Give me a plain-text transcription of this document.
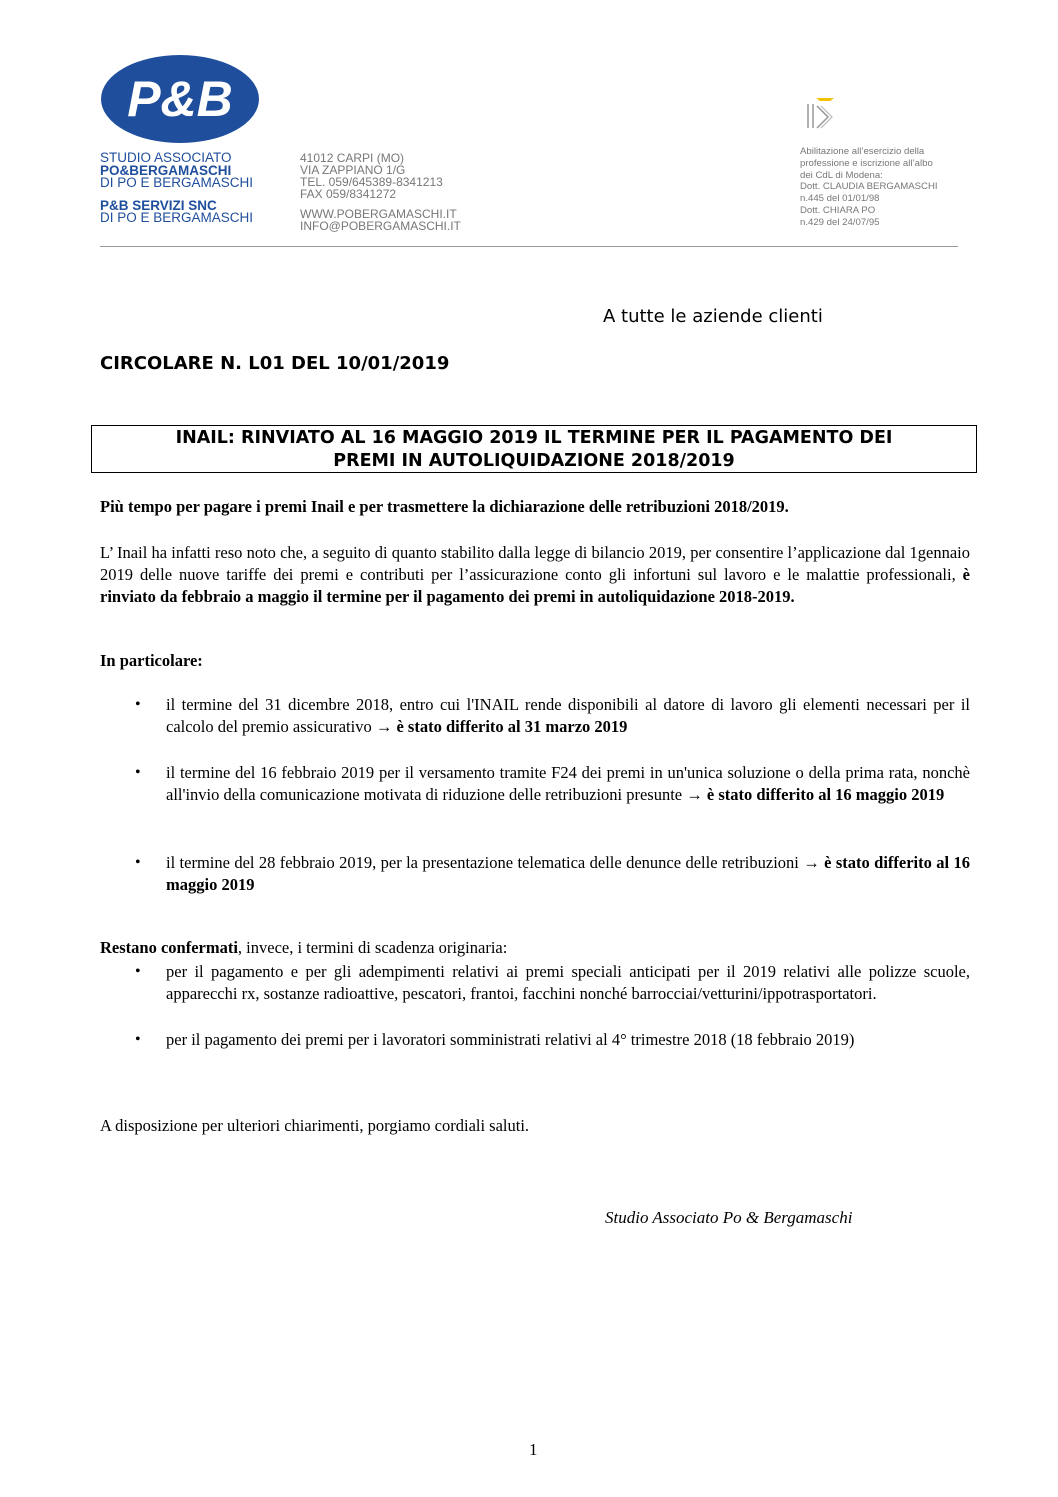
P&B
STUDIO ASSOCIATO
PO&BERGAMASCHI
DI PO E BERGAMASCHI
P&B SERVIZI SNC
DI PO E BERGAMASCHI
41012 CARPI (MO)
VIA ZAPPIANO 1/G
TEL. 059/645389-8341213
FAX 059/8341272
WWW.POBERGAMASCHI.IT
INFO@POBERGAMASCHI.IT
Abilitazione all’esercizio della
professione e iscrizione all’albo
dei CdL di Modena:
Dott. CLAUDIA BERGAMASCHI
n.445 del 01/01/98
Dott. CHIARA PO
n.429 del 24/07/95
A tutte le aziende clienti
CIRCOLARE N. L01 DEL 10/01/2019
INAIL: RINVIATO AL 16 MAGGIO 2019 IL TERMINE PER IL PAGAMENTO DEI
PREMI IN AUTOLIQUIDAZIONE 2018/2019
Più tempo per pagare i premi Inail e per trasmettere la dichiarazione delle retribuzioni 2018/2019.
L’ Inail ha infatti reso noto che, a seguito di quanto stabilito dalla legge di bilancio 2019, per consentire l’applicazione dal 1gennaio 2019 delle nuove tariffe dei premi e contributi per l’assicurazione conto gli infortuni sul lavoro e le malattie professionali, è rinviato da febbraio a maggio il termine per il pagamento dei premi in autoliquidazione 2018-2019.
In particolare:
• il termine del 31 dicembre 2018, entro cui l'INAIL rende disponibili al datore di lavoro gli elementi necessari per il calcolo del premio assicurativo → è stato differito al 31 marzo 2019
• il termine del 16 febbraio 2019 per il versamento tramite F24 dei premi in un'unica soluzione o della prima rata, nonchè all'invio della comunicazione motivata di riduzione delle retribuzioni presunte → è stato differito al 16 maggio 2019
• il termine del 28 febbraio 2019, per la presentazione telematica delle denunce delle retribuzioni → è stato differito al 16 maggio 2019
Restano confermati, invece, i termini di scadenza originaria:
• per il pagamento e per gli adempimenti relativi ai premi speciali anticipati per il 2019 relativi alle polizze scuole, apparecchi rx, sostanze radioattive, pescatori, frantoi, facchini nonché barrocciai/vetturini/ippotrasportatori.
• per il pagamento dei premi per i lavoratori somministrati relativi al 4° trimestre 2018 (18 febbraio 2019)
A disposizione per ulteriori chiarimenti, porgiamo cordiali saluti.
Studio Associato Po & Bergamaschi
1
